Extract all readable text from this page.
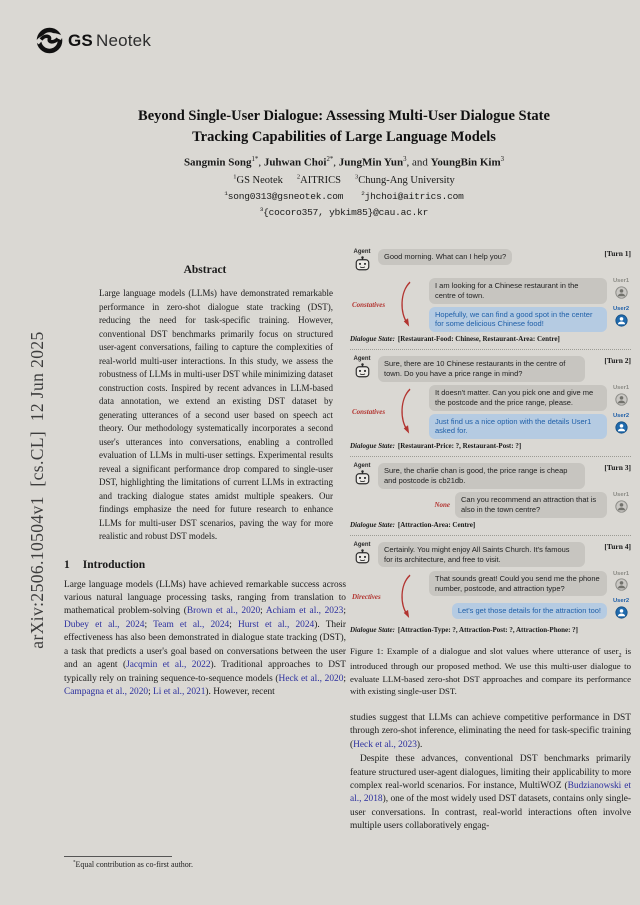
GS Neotek
arXiv:2506.10504v1  [cs.CL]  12 Jun 2025
Beyond Single-User Dialogue: Assessing Multi-User Dialogue State
Tracking Capabilities of Large Language Models
Sangmin Song$^{1*}$, Juhwan Choi$^{2*}$, JungMin Yun$^3$, and YoungBin Kim$^3$
$^1$GS Neotek $^2$AITRICS $^3$Chung-Ang University
$^1$song0313@gsneotek.com	$^2$jhchoi@aitrics.com
$^3${cocoro357, ybkim85}@cau.ac.kr
Abstract
Large language models (LLMs) have demonstrated remarkable performance in zero-shot dialogue state tracking (DST), reducing the need for task-specific training. However, conventional DST benchmarks primarily focus on structured user-agent conversations, failing to capture the complexities of real-world multi-user interactions. In this study, we assess the robustness of LLMs in multi-user DST while minimizing dataset construction costs. Inspired by recent advances in LLM-based data annotation, we extend an existing DST dataset by generating utterances of a second user based on speech act theory. Our methodology systematically incorporates a second user's utterances into conversations, enabling a controlled evaluation of LLMs in multi-user settings. Experimental results reveal a significant performance drop compared to single-user DST, highlighting the limitations of current LLMs in extracting and tracking dialogue states amidst multiple speakers. Our findings emphasize the need for future research to enhance LLMs for multi-user DST scenarios, paving the way for more realistic and robust DST models.
1 Introduction
Large language models (LLMs) have achieved remarkable success across various natural language processing tasks, ranging from translation to mathematical problem-solving (Brown et al., 2020; Achiam et al., 2023; Dubey et al., 2024; Team et al., 2024; Hurst et al., 2024). Their effectiveness has also been demonstrated in dialogue state tracking (DST), a task that predicts a user's goal based on conversations between the user and an agent (Jacqmin et al., 2022). Traditional approaches to DST typically rely on training sequence-to-sequence models (Heck et al., 2020; Campagna et al., 2020; Li et al., 2021). However, recent
*Equal contribution as co-first author.
[Turn 1]
Agent	Good morning. What can I help you?
Constatives
I am looking for a Chinese restaurant in the centre of town.
User1
Hopefully, we can find a good spot in the center for some delicious Chinese food!
User2
Dialogue State: [Restaurant-Food: Chinese, Restaurant-Area: Centre]
[Turn 2]
Agent	Sure, there are 10 Chinese restaurants in the centre of town. Do you have a price range in mind?
Constatives
It doesn't matter. Can you pick one and give me the postcode and the price range, please.
User1
Just find us a nice option with the details User1 asked for.
User2
Dialogue State: [Restaurant-Price: ?, Restaurant-Post: ?]
[Turn 3]
Agent	Sure, the charlie chan is good, the price range is cheap and postcode is cb21db.
None
Can you recommend an attraction that is also in the town centre?
User1
Dialogue State: [Attraction-Area: Centre]
[Turn 4]
Agent	Certainly. You might enjoy All Saints Church. It's famous for its architecture, and free to visit.
Directives
That sounds great! Could you send me the phone number, postcode, and attraction type?
User1
Let's get those details for the attraction too!
User2
Dialogue State: [Attraction-Type: ?, Attraction-Post: ?, Attraction-Phone: ?]
Figure 1: Example of a dialogue and slot values where utterance of user$_2$ is introduced through our proposed method. We use this multi-user dialogue to evaluate LLM-based zero-shot DST approaches and compare its performance with existing single-user DST.
studies suggest that LLMs can achieve competitive performance in DST through zero-shot inference, eliminating the need for task-specific training (Heck et al., 2023).
Despite these advances, conventional DST benchmarks primarily feature structured user-agent dialogues, limiting their applicability to more complex real-world scenarios. For instance, MultiWOZ (Budzianowski et al., 2018), one of the most widely used DST datasets, contains only single-user conversations. In contrast, real-world interactions often involve multiple users collaboratively engag-
